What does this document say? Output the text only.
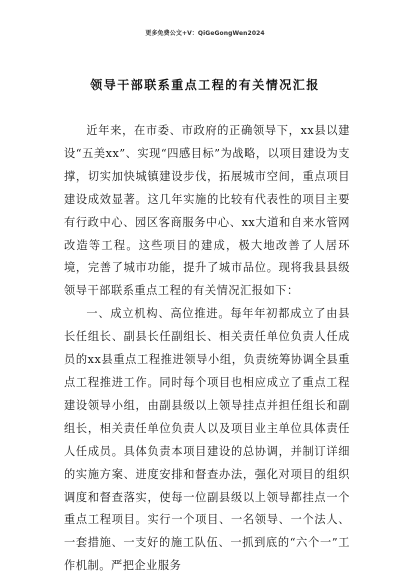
更多免费公文+V：QiGeGongWen2024
领导干部联系重点工程的有关情况汇报

近年来，在市委、市政府的正确领导下，xx县以建设“五美xx”、实现“四感目标”为战略，以项目建设为支撑，切实加快城镇建设步伐，拓展城市空间，重点项目建设成效显著。这几年实施的比较有代表性的项目主要有行政中心、园区客商服务中心、xx大道和自来水管网改造等工程。这些项目的建成，极大地改善了人居环境，完善了城市功能，提升了城市品位。现将我县县级领导干部联系重点工程的有关情况汇报如下：

一、成立机构、高位推进。每年年初都成立了由县长任组长、副县长任副组长、相关责任单位负责人任成员的xx县重点工程推进领导小组，负责统筹协调全县重点工程推进工作。同时每个项目也相应成立了重点工程建设领导小组，由副县级以上领导挂点并担任组长和副组长，相关责任单位负责人以及项目业主单位具体责任人任成员。具体负责本项目建设的总协调，并制订详细的实施方案、进度安排和督查办法，强化对项目的组织调度和督查落实，使每一位副县级以上领导都挂点一个重点工程项目。实行一个项目、一名领导、一个法人、一套措施、一支好的施工队伍、一抓到底的“六个一”工作机制。严把企业服务
